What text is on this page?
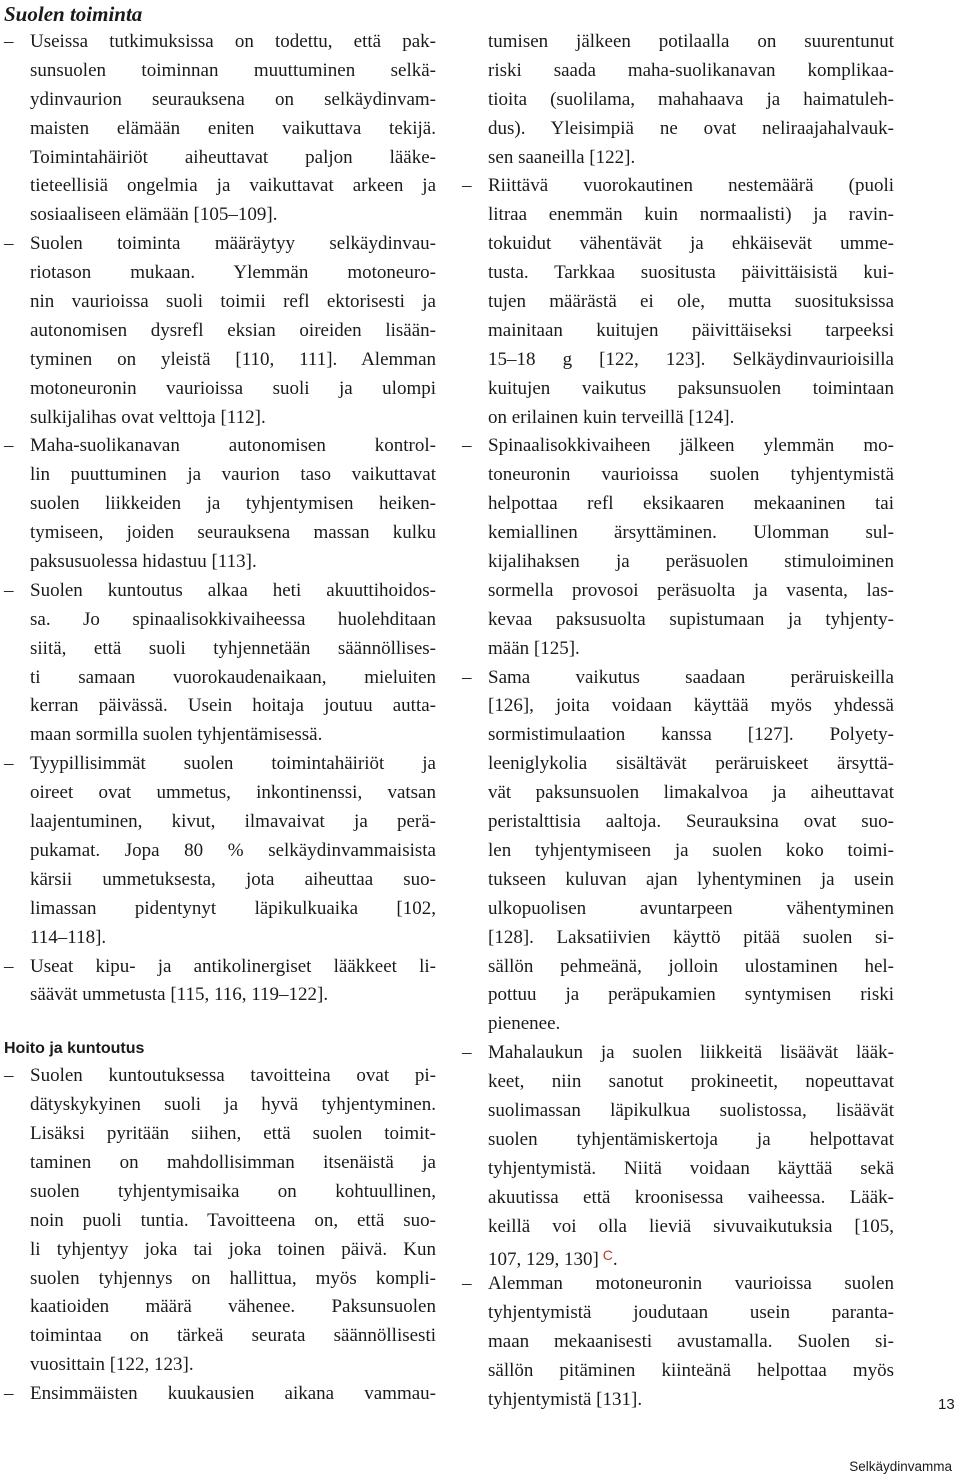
Suolen toiminta
– Useissa tutkimuksissa on todettu, että pak-
sunsuolen toiminnan muuttuminen selkä-
ydinvaurion seurauksena on selkäydinvam-
maisten elämään eniten vaikuttava tekijä.
Toimintahäiriöt aiheuttavat paljon lääke-
tieteellisiä ongelmia ja vaikuttavat arkeen ja
sosiaaliseen elämään [105–109].
– Suolen toiminta määräytyy selkäydinvau-
riotason mukaan. Ylemmän motoneuro-
nin vaurioissa suoli toimii refl ektorisesti ja
autonomisen dysrefl eksian oireiden lisään-
tyminen on yleistä [110, 111]. Alemman
motoneuronin vaurioissa suoli ja ulompi
sulkijalihas ovat velttoja [112].
– Maha-suolikanavan autonomisen kontrol-
lin puuttuminen ja vaurion taso vaikuttavat
suolen liikkeiden ja tyhjentymisen heiken-
tymiseen, joiden seurauksena massan kulku
paksusuolessa hidastuu [113].
– Suolen kuntoutus alkaa heti akuuttihoidos-
sa. Jo spinaalisokkivaiheessa huolehditaan
siitä, että suoli tyhjennetään säännöllises-
ti samaan vuorokaudenaikaan, mieluiten
kerran päivässä. Usein hoitaja joutuu autta-
maan sormilla suolen tyhjentämisessä.
– Tyypillisimmät suolen toimintahäiriöt ja
oireet ovat ummetus, inkontinenssi, vatsan
laajentuminen, kivut, ilmavaivat ja perä-
pukamat. Jopa 80 % selkäydinvammaisista
kärsii ummetuksesta, jota aiheuttaa suo-
limassan pidentynyt läpikulkuaika [102,
114–118].
– Useat kipu- ja antikolinergiset lääkkeet li-
säävät ummetusta [115, 116, 119–122].
Hoito ja kuntoutus
– Suolen kuntoutuksessa tavoitteina ovat pi-
dätyskykyinen suoli ja hyvä tyhjentyminen.
Lisäksi pyritään siihen, että suolen toimit-
taminen on mahdollisimman itsenäistä ja
suolen tyhjentymisaika on kohtuullinen,
noin puoli tuntia. Tavoitteena on, että suo-
li tyhjentyy joka tai joka toinen päivä. Kun
suolen tyhjennys on hallittua, myös kompli-
kaatioiden määrä vähenee. Paksunsuolen
toimintaa on tärkeä seurata säännöllisesti
vuosittain [122, 123].
– Ensimmäisten kuukausien aikana vammau-
tumisen jälkeen potilaalla on suurentunut
riski saada maha-suolikanavan komplikaa-
tioita (suolilama, mahahaava ja haimatuleh-
dus). Yleisimpiä ne ovat neliraajahalvauk-
sen saaneilla [122].
– Riittävä vuorokautinen nestemäärä (puoli
litraa enemmän kuin normaalisti) ja ravin-
tokuidut vähentävät ja ehkäisevät umme-
tusta. Tarkkaa suositusta päivittäisistä kui-
tujen määrästä ei ole, mutta suosituksissa
mainitaan kuitujen päivittäiseksi tarpeeksi
15–18 g [122, 123]. Selkäydinvaurioisilla
kuitujen vaikutus paksunsuolen toimintaan
on erilainen kuin terveillä [124].
– Spinaalisokkivaiheen jälkeen ylemmän mo-
toneuronin vaurioissa suolen tyhjentymistä
helpottaa refl eksikaaren mekaaninen tai
kemiallinen ärsyttäminen. Ulomman sul-
kijalihaksen ja peräsuolen stimuloiminen
sormella provosoi peräsuolta ja vasenta, las-
kevaa paksusuolta supistumaan ja tyhjenty-
mään [125].
– Sama vaikutus saadaan peräruiskeilla
[126], joita voidaan käyttää myös yhdessä
sormistimulaation kanssa [127]. Polyety-
leeniglykolia sisältävät peräruiskeet ärsyttä-
vät paksunsuolen limakalvoa ja aiheuttavat
peristalttisia aaltoja. Seurauksina ovat suo-
len tyhjentymiseen ja suolen koko toimi-
tukseen kuluvan ajan lyhentyminen ja usein
ulkopuolisen avuntarpeen vähentyminen
[128]. Laksatiivien käyttö pitää suolen si-
sällön pehmeänä, jolloin ulostaminen hel-
pottuu ja peräpukamien syntymisen riski
pienenee.
– Mahalaukun ja suolen liikkeitä lisäävät lääk-
keet, niin sanotut prokineetit, nopeuttavat
suolimassan läpikulkua suolistossa, lisäävät
suolen tyhjentämiskertoja ja helpottavat
tyhjentymistä. Niitä voidaan käyttää sekä
akuutissa että kroonisessa vaiheessa. Lääk-
keillä voi olla lieviä sivuvaikutuksia [105,
107, 129, 130] $^C$.
– Alemman motoneuronin vaurioissa suolen
tyhjentymistä joudutaan usein paranta-
maan mekaanisesti avustamalla. Suolen si-
sällön pitäminen kiinteänä helpottaa myös
tyhjentymistä [131].	13
Selkäydinvamma
